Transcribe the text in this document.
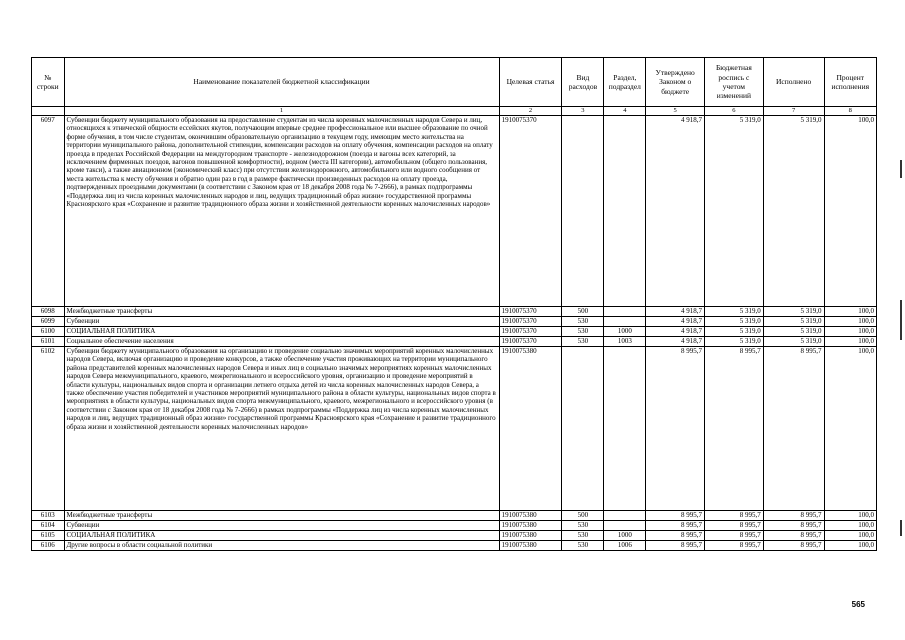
№ строки	Наименование показателей бюджетной классификации	Целевая статья	Вид расходов	Раздел, подраздел	Утверждено Законом о бюджете	Бюджетная роспись с учетом изменений	Исполнено	Процент исполнения
	1	2	3	4	5	6	7	8
6097	Субвенции бюджету муниципального образования на предоставление студентам из числа коренных малочисленных народов Севера и лиц, относящихся к этнической общности ессейских якутов, получающим впервые среднее профессиональное или высшее образование по очной форме обучения, в том числе студентам, окончившим образовательную организацию в текущем году, имеющим место жительства на территории муниципального района, дополнительной стипендии, компенсации расходов на оплату обучения, компенсации расходов на оплату проезда в пределах Российской Федерации на междугородном транспорте - железнодорожном (поезда и вагоны всех категорий, за исключением фирменных поездов, вагонов повышенной комфортности), водном (места III категории), автомобильном (общего пользования, кроме такси), а также авиационном (экономический класс) при отсутствии железнодорожного, автомобильного или водного сообщения от места жительства к месту обучения и обратно один раз в год в размере фактически произведенных расходов на оплату проезда, подтвержденных проездными документами (в соответствии с Законом края от 18 декабря 2008 года № 7-2666), в рамках подпрограммы «Поддержка лиц из числа коренных малочисленных народов и лиц, ведущих традиционный образ жизни» государственной программы Красноярского края «Сохранение и развитие традиционного образа жизни и хозяйственной деятельности коренных малочисленных народов»	1910075370			4 918,7	5 319,0	5 319,0	100,0
6098	Межбюджетные трансферты	1910075370	500		4 918,7	5 319,0	5 319,0	100,0
6099	Субвенции	1910075370	530		4 918,7	5 319,0	5 319,0	100,0
6100	СОЦИАЛЬНАЯ ПОЛИТИКА	1910075370	530	1000	4 918,7	5 319,0	5 319,0	100,0
6101	Социальное обеспечение населения	1910075370	530	1003	4 918,7	5 319,0	5 319,0	100,0
6102	Субвенции бюджету муниципального образования на организацию и проведение социально значимых мероприятий коренных малочисленных народов Севера, включая организацию и проведение конкурсов, а также обеспечение участия проживающих на территории муниципального района представителей коренных малочисленных народов Севера и иных лиц в социально значимых мероприятиях коренных малочисленных народов Севера межмуниципального, краевого, межрегионального и всероссийского уровня, организацию и проведение мероприятий в области культуры, национальных видов спорта и организации летнего отдыха детей из числа коренных малочисленных народов Севера, а также обеспечение участия победителей и участников мероприятий муниципального района в области культуры, национальных видов спорта в мероприятиях в области культуры, национальных видов спорта межмуниципального, краевого, межрегионального и всероссийского уровня (в соответствии с Законом края от 18 декабря 2008 года № 7-2666) в рамках подпрограммы «Поддержка лиц из числа коренных малочисленных народов и лиц, ведущих традиционный образ жизни» государственной программы Красноярского края «Сохранение и развитие традиционного образа жизни и хозяйственной деятельности коренных малочисленных народов»	1910075380			8 995,7	8 995,7	8 995,7	100,0
6103	Межбюджетные трансферты	1910075380	500		8 995,7	8 995,7	8 995,7	100,0
6104	Субвенции	1910075380	530		8 995,7	8 995,7	8 995,7	100,0
6105	СОЦИАЛЬНАЯ ПОЛИТИКА	1910075380	530	1000	8 995,7	8 995,7	8 995,7	100,0
6106	Другие вопросы в области социальной политики	1910075380	530	1006	8 995,7	8 995,7	8 995,7	100,0
565
